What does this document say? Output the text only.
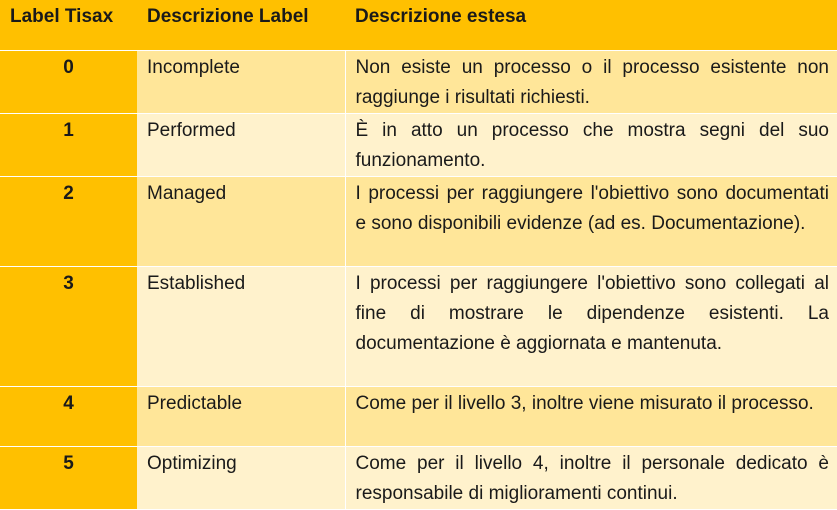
Label Tisax	Descrizione Label	Descrizione estesa
0	Incomplete	Non esiste un processo o il processo esistente non raggiunge i risultati richiesti.
1	Performed	È in atto un processo che mostra segni del suo funzionamento.
2	Managed	I processi per raggiungere l'obiettivo sono documentati e sono disponibili evidenze (ad es. Documentazione).
3	Established	I processi per raggiungere l'obiettivo sono collegati al fine di mostrare le dipendenze esistenti. La documentazione è aggiornata e mantenuta.
4	Predictable	Come per il livello 3, inoltre viene misurato il processo.
5	Optimizing	Come per il livello 4, inoltre il personale dedicato è responsabile di miglioramenti continui.
